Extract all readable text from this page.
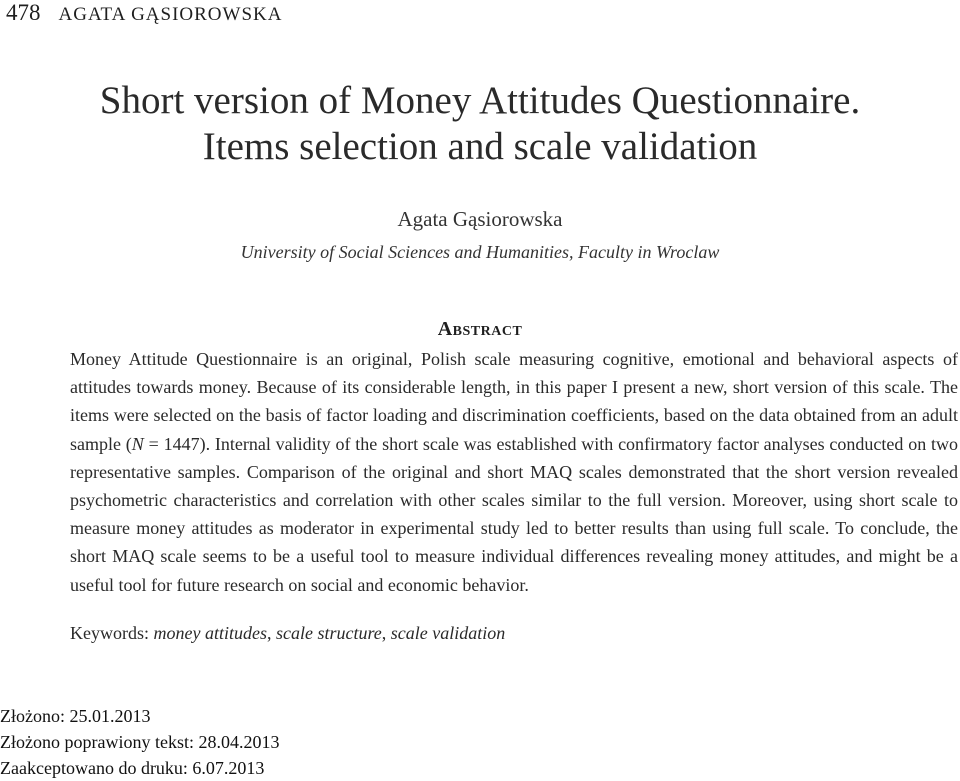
478 AGATA GĄSIOROWSKA
Short version of Money Attitudes Questionnaire.
Items selection and scale validation
Agata Gąsiorowska
University of Social Sciences and Humanities, Faculty in Wroclaw
Abstract

Money Attitude Questionnaire is an original, Polish scale measuring cognitive, emotional and behavioral aspects of attitudes towards money. Because of its considerable length, in this paper I present a new, short version of this scale. The items were selected on the basis of factor loading and discrimination coefficients, based on the data obtained from an adult sample (N = 1447). Internal validity of the short scale was established with confirmatory factor analyses conducted on two representative samples. Comparison of the original and short MAQ scales demonstrated that the short version revealed psychometric characteristics and correlation with other scales similar to the full version. Moreover, using short scale to measure money attitudes as moderator in experimental study led to better results than using full scale. To conclude, the short MAQ scale seems to be a useful tool to measure individual differences revealing money attitudes, and might be a useful tool for future research on social and economic behavior.

Keywords: money attitudes, scale structure, scale validation
Złożono: 25.01.2013
Złożono poprawiony tekst: 28.04.2013
Zaakceptowano do druku: 6.07.2013
